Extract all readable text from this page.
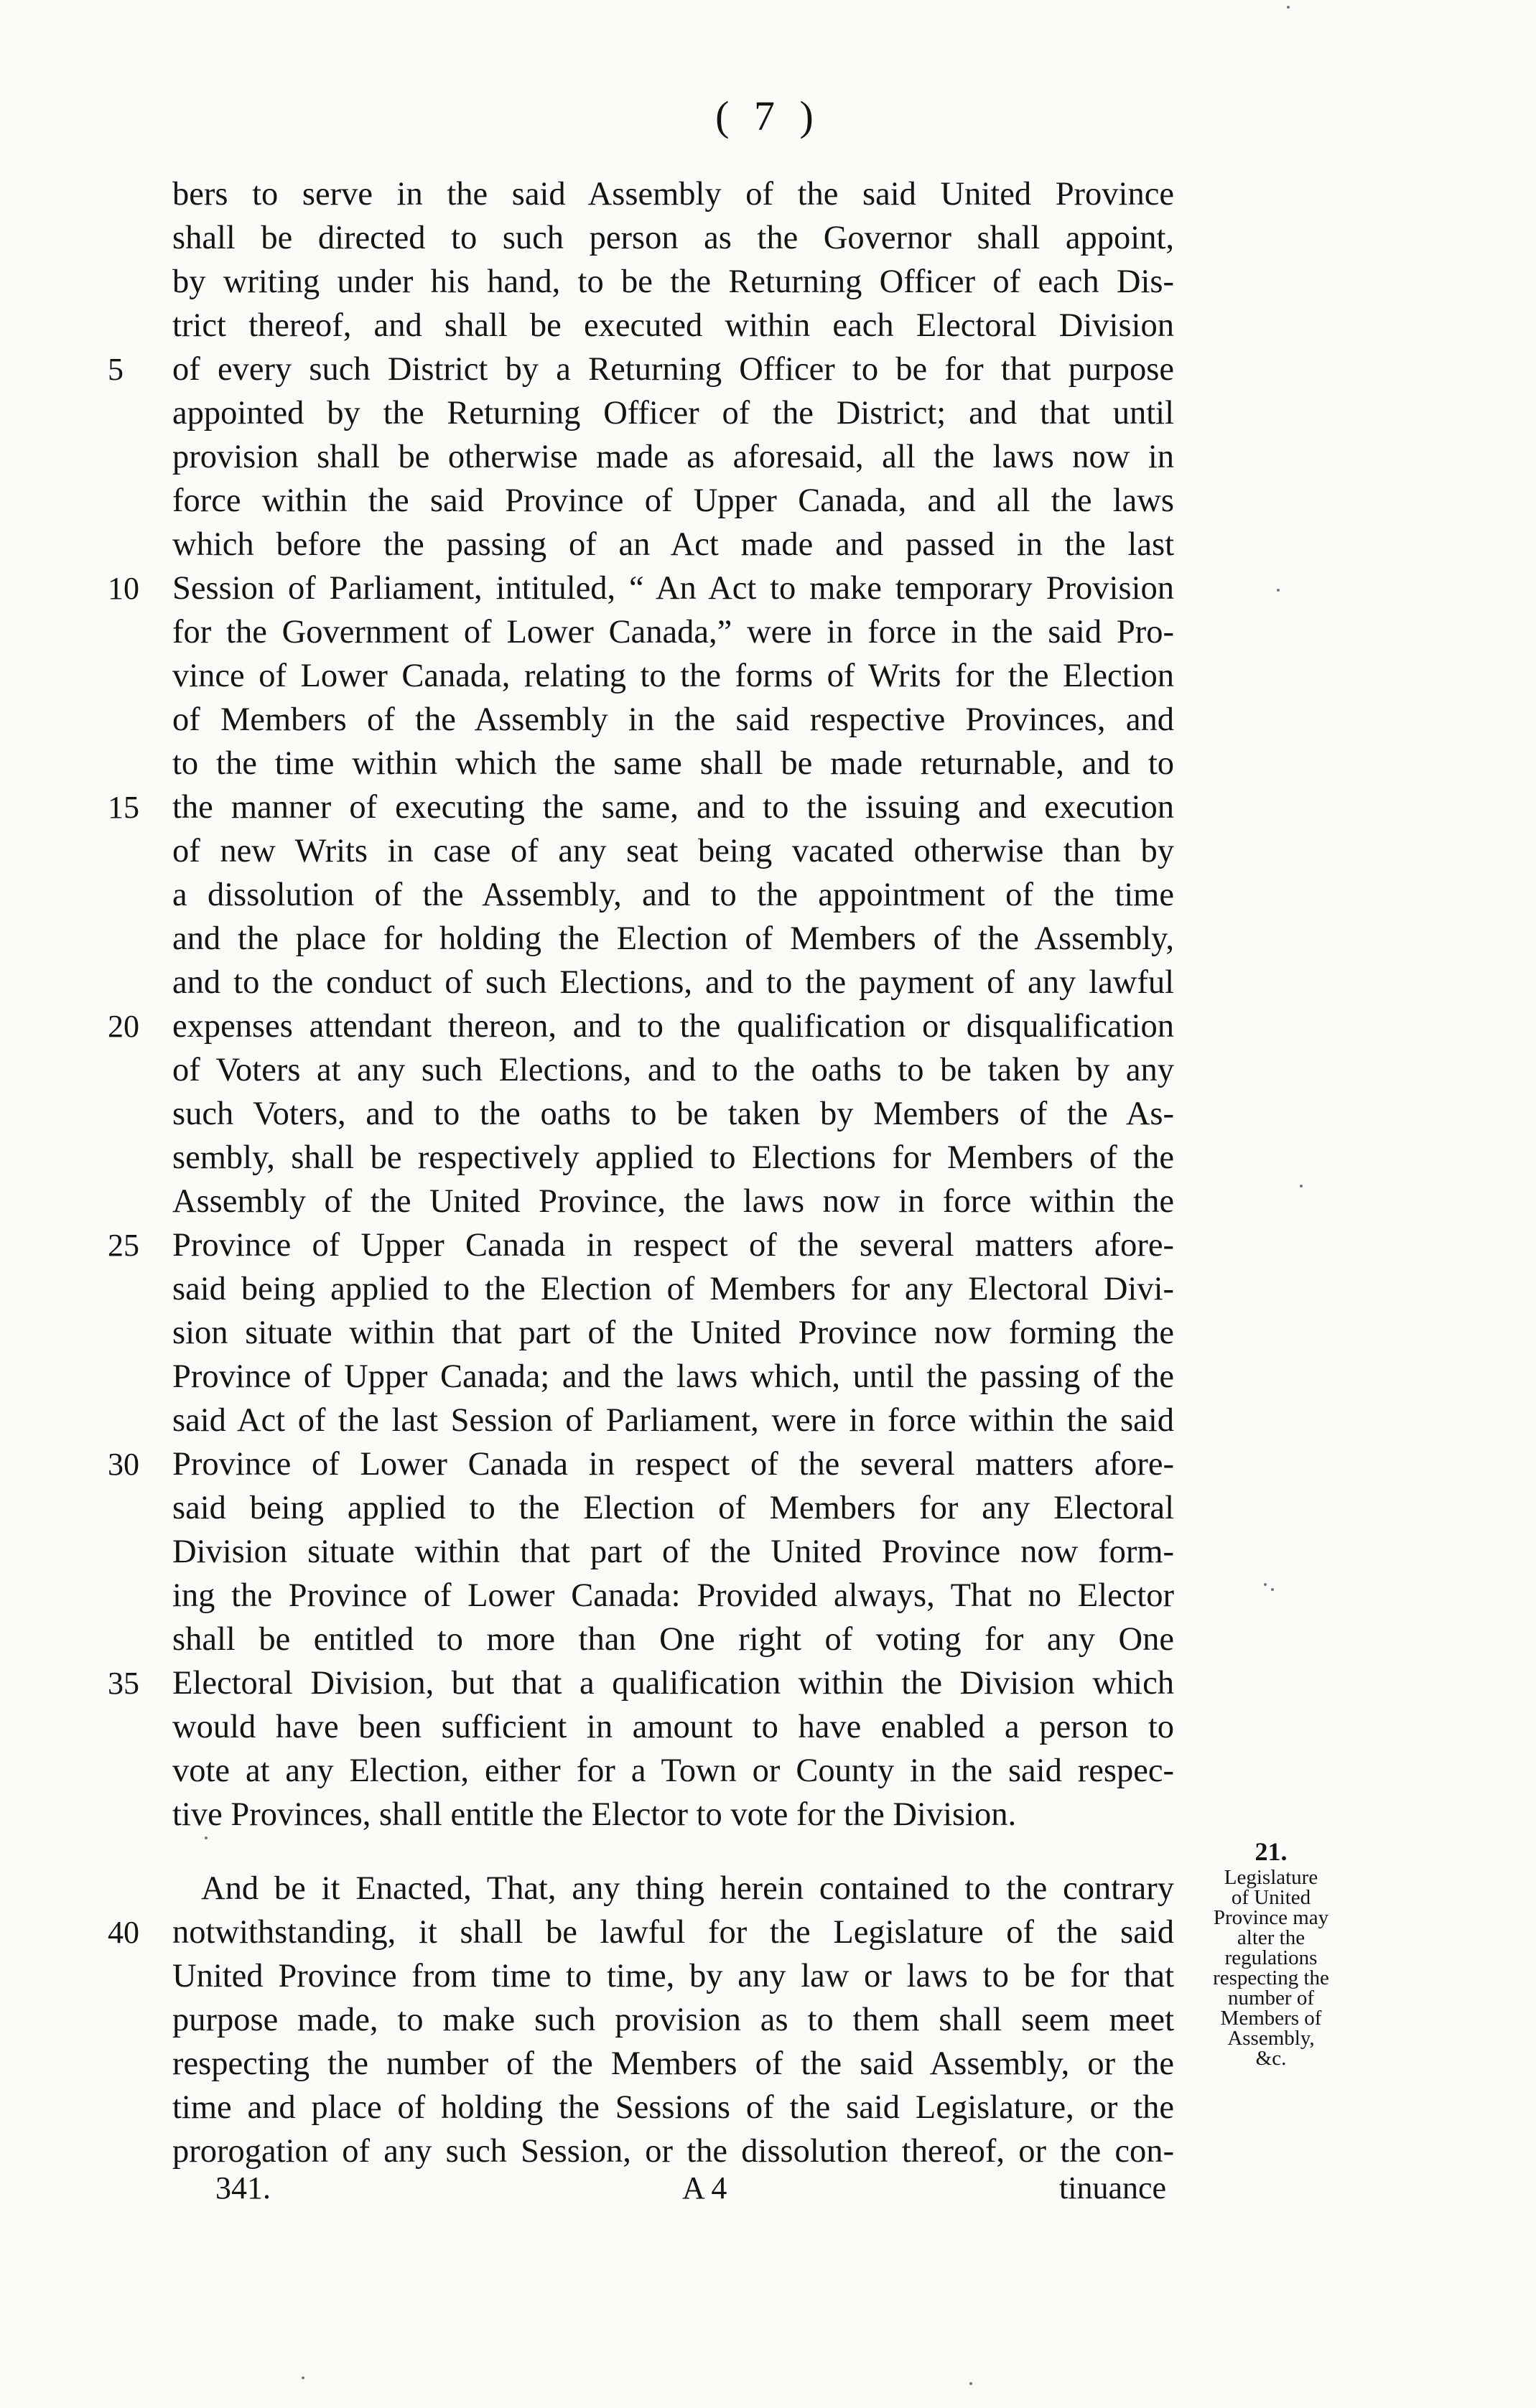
( 7 )
bers to serve in the said Assembly of the said United Province
shall be directed to such person as the Governor shall appoint,
by writing under his hand, to be the Returning Officer of each Dis-
trict thereof, and shall be executed within each Electoral Division
of every such District by a Returning Officer to be for that purpose
appointed by the Returning Officer of the District; and that until
provision shall be otherwise made as aforesaid, all the laws now in
force within the said Province of Upper Canada, and all the laws
which before the passing of an Act made and passed in the last
Session of Parliament, intituled, “ An Act to make temporary Provision
for the Government of Lower Canada,” were in force in the said Pro-
vince of Lower Canada, relating to the forms of Writs for the Election
of Members of the Assembly in the said respective Provinces, and
to the time within which the same shall be made returnable, and to
the manner of executing the same, and to the issuing and execution
of new Writs in case of any seat being vacated otherwise than by
a dissolution of the Assembly, and to the appointment of the time
and the place for holding the Election of Members of the Assembly,
and to the conduct of such Elections, and to the payment of any lawful
expenses attendant thereon, and to the qualification or disqualification
of Voters at any such Elections, and to the oaths to be taken by any
such Voters, and to the oaths to be taken by Members of the As-
sembly, shall be respectively applied to Elections for Members of the
Assembly of the United Province, the laws now in force within the
Province of Upper Canada in respect of the several matters afore-
said being applied to the Election of Members for any Electoral Divi-
sion situate within that part of the United Province now forming the
Province of Upper Canada; and the laws which, until the passing of the
said Act of the last Session of Parliament, were in force within the said
Province of Lower Canada in respect of the several matters afore-
said being applied to the Election of Members for any Electoral
Division situate within that part of the United Province now form-
ing the Province of Lower Canada: Provided always, That no Elector
shall be entitled to more than One right of voting for any One
Electoral Division, but that a qualification within the Division which
would have been sufficient in amount to have enabled a person to
vote at any Election, either for a Town or County in the said respec-
tive Provinces, shall entitle the Elector to vote for the Division.
And be it Enacted, That, any thing herein contained to the contrary
notwithstanding, it shall be lawful for the Legislature of the said
United Province from time to time, by any law or laws to be for that
purpose made, to make such provision as to them shall seem meet
respecting the number of the Members of the said Assembly, or the
time and place of holding the Sessions of the said Legislature, or the
prorogation of any such Session, or the dissolution thereof, or the con-
5
10
15
20
25
30
35
40
21.
Legislature
of United
Province may
alter the
regulations
respecting the
number of
Members of
Assembly,
&c.
341.	A 4	tinuance
